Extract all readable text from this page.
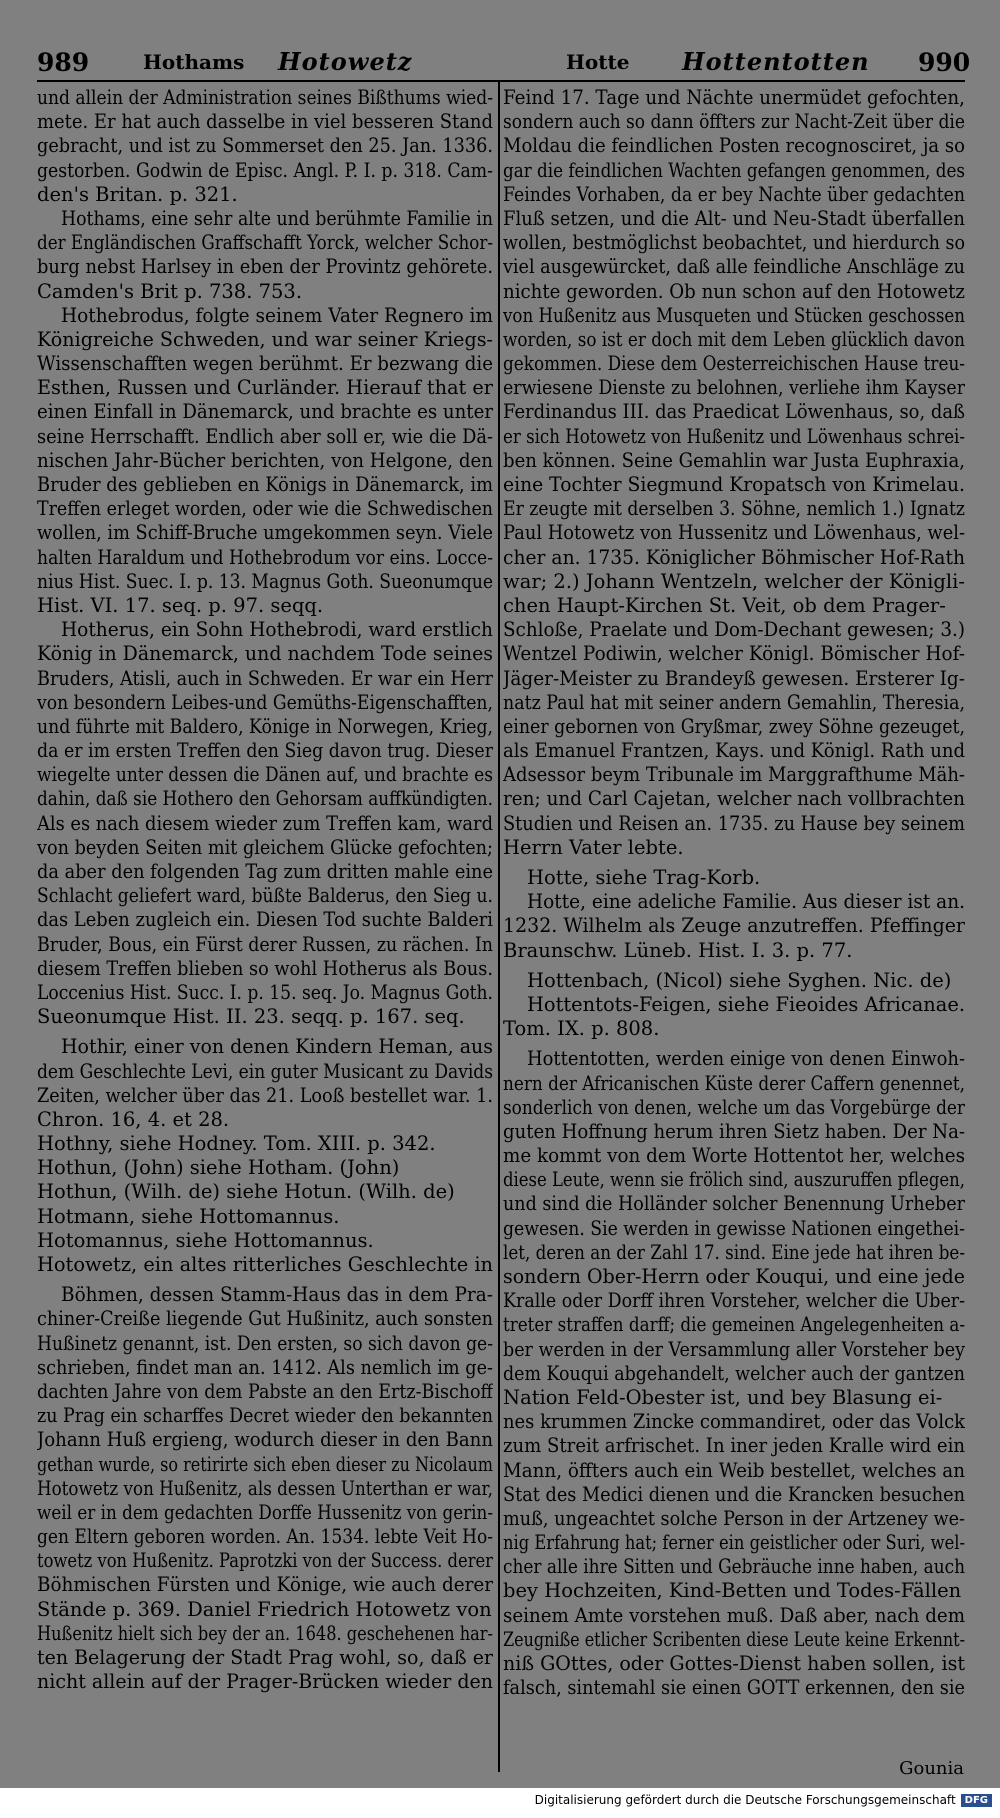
989	Hothams Hotowetz	Hotte Hottentotten 990
und allein der Administration seines Bißthums wied-
mete. Er hat auch dasselbe in viel besseren Stand
gebracht, und ist zu Sommerset den 25. Jan. 1336.
gestorben. Godwin de Episc. Angl. P. I. p. 318. Cam-
den's Britan. p. 321.
Hothams, eine sehr alte und berühmte Familie in
der Engländischen Graffschafft Yorck, welcher Schor-
burg nebst Harlsey in eben der Provintz gehörete.
Camden's Brit p. 738. 753.
Hothebrodus, folgte seinem Vater Regnero im
Königreiche Schweden, und war seiner Kriegs-
Wissenschafften wegen berühmt. Er bezwang die
Esthen, Russen und Curländer. Hierauf that er
einen Einfall in Dänemarck, und brachte es unter
seine Herrschafft. Endlich aber soll er, wie die Dä-
nischen Jahr-Bücher berichten, von Helgone, den
Bruder des geblieben en Königs in Dänemarck, im
Treffen erleget worden, oder wie die Schwedischen
wollen, im Schiff-Bruche umgekommen seyn. Viele
halten Haraldum und Hothebrodum vor eins. Locce-
nius Hist. Suec. I. p. 13. Magnus Goth. Sueonumque
Hist. VI. 17. seq. p. 97. seqq.
Hotherus, ein Sohn Hothebrodi, ward erstlich
König in Dänemarck, und nachdem Tode seines
Bruders, Atisli, auch in Schweden. Er war ein Herr
von besondern Leibes-und Gemüths-Eigenschafften,
und führte mit Baldero, Könige in Norwegen, Krieg,
da er im ersten Treffen den Sieg davon trug. Dieser
wiegelte unter dessen die Dänen auf, und brachte es
dahin, daß sie Hothero den Gehorsam auffkündigten.
Als es nach diesem wieder zum Treffen kam, ward
von beyden Seiten mit gleichem Glücke gefochten;
da aber den folgenden Tag zum dritten mahle eine
Schlacht geliefert ward, büßte Balderus, den Sieg u.
das Leben zugleich ein. Diesen Tod suchte Balderi
Bruder, Bous, ein Fürst derer Russen, zu rächen. In
diesem Treffen blieben so wohl Hotherus als Bous.
Loccenius Hist. Succ. I. p. 15. seq. Jo. Magnus Goth.
Sueonumque Hist. II. 23. seqq. p. 167. seq.
Hothir, einer von denen Kindern Heman, aus
dem Geschlechte Levi, ein guter Musicant zu Davids
Zeiten, welcher über das 21. Looß bestellet war. 1.
Chron. 16, 4. et 28.
Hothny, siehe Hodney. Tom. XIII. p. 342.
Hothun, (John) siehe Hotham. (John)
Hothun, (Wilh. de) siehe Hotun. (Wilh. de)
Hotmann, siehe Hottomannus.
Hotomannus, siehe Hottomannus.
Hotowetz, ein altes ritterliches Geschlechte in
Böhmen, dessen Stamm-Haus das in dem Pra-
chiner-Creiße liegende Gut Hußinitz, auch sonsten
Hußinetz genannt, ist. Den ersten, so sich davon ge-
schrieben, findet man an. 1412. Als nemlich im ge-
dachten Jahre von dem Pabste an den Ertz-Bischoff
zu Prag ein scharffes Decret wieder den bekannten
Johann Huß ergieng, wodurch dieser in den Bann
gethan wurde, so retirirte sich eben dieser zu Nicolaum
Hotowetz von Hußenitz, als dessen Unterthan er war,
weil er in dem gedachten Dorffe Hussenitz von gerin-
gen Eltern geboren worden. An. 1534. lebte Veit Ho-
towetz von Hußenitz. Paprotzki von der Success. derer
Böhmischen Fürsten und Könige, wie auch derer
Stände p. 369. Daniel Friedrich Hotowetz von
Hußenitz hielt sich bey der an. 1648. geschehenen har-
ten Belagerung der Stadt Prag wohl, so, daß er
nicht allein auf der Prager-Brücken wieder den
Feind 17. Tage und Nächte unermüdet gefochten,
sondern auch so dann öffters zur Nacht-Zeit über die
Moldau die feindlichen Posten recognosciret, ja so
gar die feindlichen Wachten gefangen genommen, des
Feindes Vorhaben, da er bey Nachte über gedachten
Fluß setzen, und die Alt- und Neu-Stadt überfallen
wollen, bestmöglichst beobachtet, und hierdurch so
viel ausgewürcket, daß alle feindliche Anschläge zu
nichte geworden. Ob nun schon auf den Hotowetz
von Hußenitz aus Musqueten und Stücken geschossen
worden, so ist er doch mit dem Leben glücklich davon
gekommen. Diese dem Oesterreichischen Hause treu-
erwiesene Dienste zu belohnen, verliehe ihm Kayser
Ferdinandus III. das Praedicat Löwenhaus, so, daß
er sich Hotowetz von Hußenitz und Löwenhaus schrei-
ben können. Seine Gemahlin war Justa Euphraxia,
eine Tochter Siegmund Kropatsch von Krimelau.
Er zeugte mit derselben 3. Söhne, nemlich 1.) Ignatz
Paul Hotowetz von Hussenitz und Löwenhaus, wel-
cher an. 1735. Königlicher Böhmischer Hof-Rath
war; 2.) Johann Wentzeln, welcher der Königli-
chen Haupt-Kirchen St. Veit, ob dem Prager-
Schloße, Praelate und Dom-Dechant gewesen; 3.)
Wentzel Podiwin, welcher Königl. Bömischer Hof-
Jäger-Meister zu Brandeyß gewesen. Ersterer Ig-
natz Paul hat mit seiner andern Gemahlin, Theresia,
einer gebornen von Gryßmar, zwey Söhne gezeuget,
als Emanuel Frantzen, Kays. und Königl. Rath und
Adsessor beym Tribunale im Marggrafthume Mäh-
ren; und Carl Cajetan, welcher nach vollbrachten
Studien und Reisen an. 1735. zu Hause bey seinem
Herrn Vater lebte.
Hotte, siehe Trag-Korb.
Hotte, eine adeliche Familie. Aus dieser ist an.
1232. Wilhelm als Zeuge anzutreffen. Pfeffinger
Braunschw. Lüneb. Hist. I. 3. p. 77.
Hottenbach, (Nicol) siehe Syghen. Nic. de)
Hottentots-Feigen, siehe Fieoides Africanae.
Tom. IX. p. 808.
Hottentotten, werden einige von denen Einwoh-
nern der Africanischen Küste derer Caffern genennet,
sonderlich von denen, welche um das Vorgebürge der
guten Hoffnung herum ihren Sietz haben. Der Na-
me kommt von dem Worte Hottentot her, welches
diese Leute, wenn sie frölich sind, auszuruffen pflegen,
und sind die Holländer solcher Benennung Urheber
gewesen. Sie werden in gewisse Nationen eingethei-
let, deren an der Zahl 17. sind. Eine jede hat ihren be-
sondern Ober-Herrn oder Kouqui, und eine jede
Kralle oder Dorff ihren Vorsteher, welcher die Uber-
treter straffen darff; die gemeinen Angelegenheiten a-
ber werden in der Versammlung aller Vorsteher bey
dem Kouqui abgehandelt, welcher auch der gantzen
Nation Feld-Obester ist, und bey Blasung ei-
nes krummen Zincke commandiret, oder das Volck
zum Streit arfrischet. In iner jeden Kralle wird ein
Mann, öffters auch ein Weib bestellet, welches an
Stat des Medici dienen und die Krancken besuchen
muß, ungeachtet solche Person in der Artzeney we-
nig Erfahrung hat; ferner ein geistlicher oder Suri, wel-
cher alle ihre Sitten und Gebräuche inne haben, auch
bey Hochzeiten, Kind-Betten und Todes-Fällen
seinem Amte vorstehen muß. Daß aber, nach dem
Zeugniße etlicher Scribenten diese Leute keine Erkennt-
niß GOttes, oder Gottes-Dienst haben sollen, ist
falsch, sintemahl sie einen GOTT erkennen, den sie
Gounia
Digitalisierung gefördert durch die Deutsche Forschungsgemeinschaft DFG
